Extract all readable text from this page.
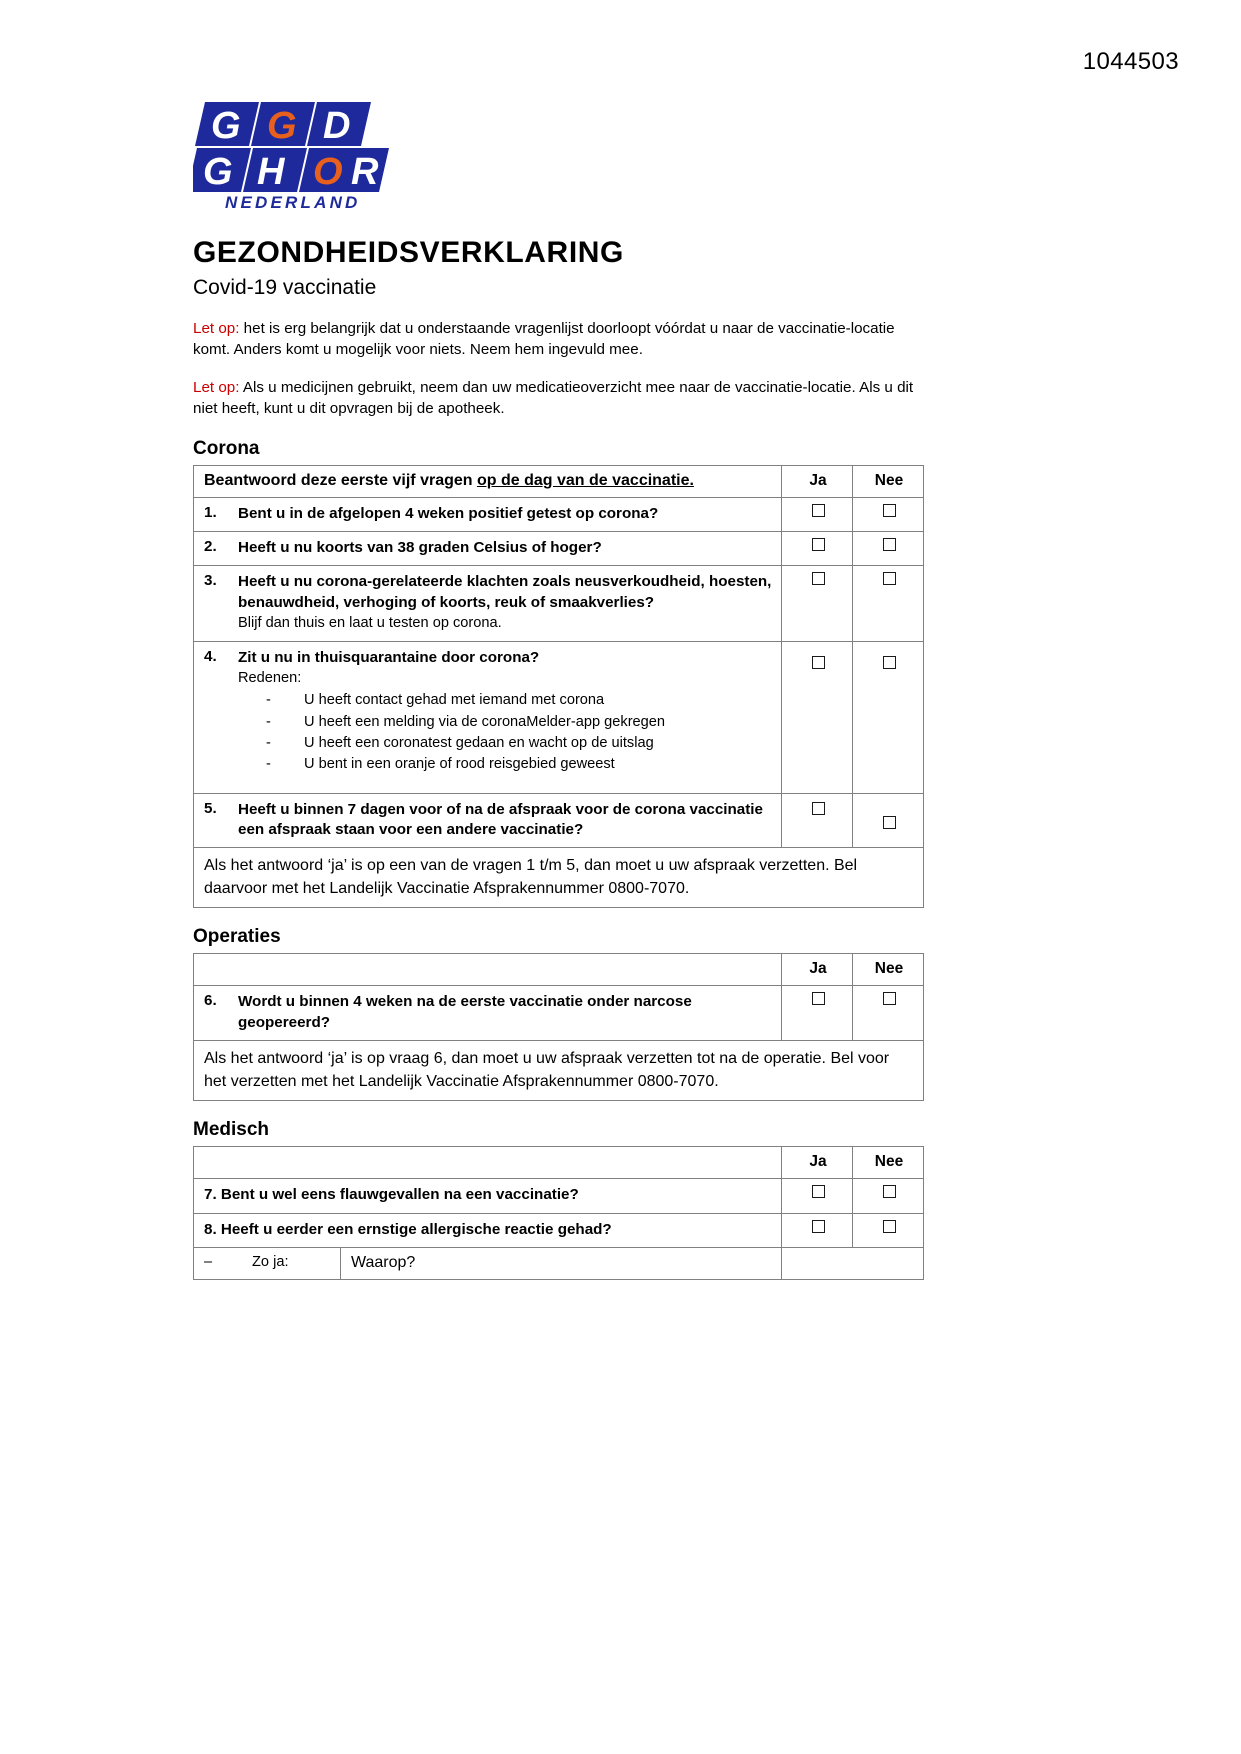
1044503
G G D
G H O R
NEDERLAND
GEZONDHEIDSVERKLARING
Covid-19 vaccinatie

Let op: het is erg belangrijk dat u onderstaande vragenlijst doorloopt vóórdat u naar de vaccinatie-locatie komt. Anders komt u mogelijk voor niets. Neem hem ingevuld mee.

Let op: Als u medicijnen gebruikt, neem dan uw medicatieoverzicht mee naar de vaccinatie-locatie. Als u dit niet heeft, kunt u dit opvragen bij de apotheek.

Corona
Beantwoord deze eerste vijf vragen op de dag van de vaccinatie.	Ja	Nee

1. Bent u in de afgelopen 4 weken positief getest op corona?		

2. Heeft u nu koorts van 38 graden Celsius of hoger?		

3. Heeft u nu corona-gerelateerde klachten zoals neusverkoudheid, hoesten, benauwdheid, verhoging of koorts, reuk of smaakverlies?
Blijf dan thuis en laat u testen op corona.		

4.	Zit u nu in thuisquarantaine door corona?
Redenen:
- U heeft contact gehad met iemand met corona
- U heeft een melding via de coronaMelder-app gekregen
- U heeft een coronatest gedaan en wacht op de uitslag
- U bent in een oranje of rood reisgebied geweest

5. Heeft u binnen 7 dagen voor of na de afspraak voor de corona vaccinatie een afspraak staan voor een andere vaccinatie?		

Als het antwoord ‘ja’ is op een van de vragen 1 t/m 5, dan moet u uw afspraak verzetten. Bel daarvoor met het Landelijk Vaccinatie Afsprakennummer 0800-7070.		
Operaties
	Ja	Nee

6. Wordt u binnen 4 weken na de eerste vaccinatie onder narcose geopereerd?		

Als het antwoord ‘ja’ is op vraag 6, dan moet u uw afspraak verzetten tot na de operatie. Bel voor het verzetten met het Landelijk Vaccinatie Afsprakennummer 0800-7070.		
Medisch
		Ja	Nee
7. Bent u wel eens flauwgevallen na een vaccinatie?			
8. Heeft u eerder een ernstige allergische reactie gehad?			
– Zo ja:	Waarop?		
